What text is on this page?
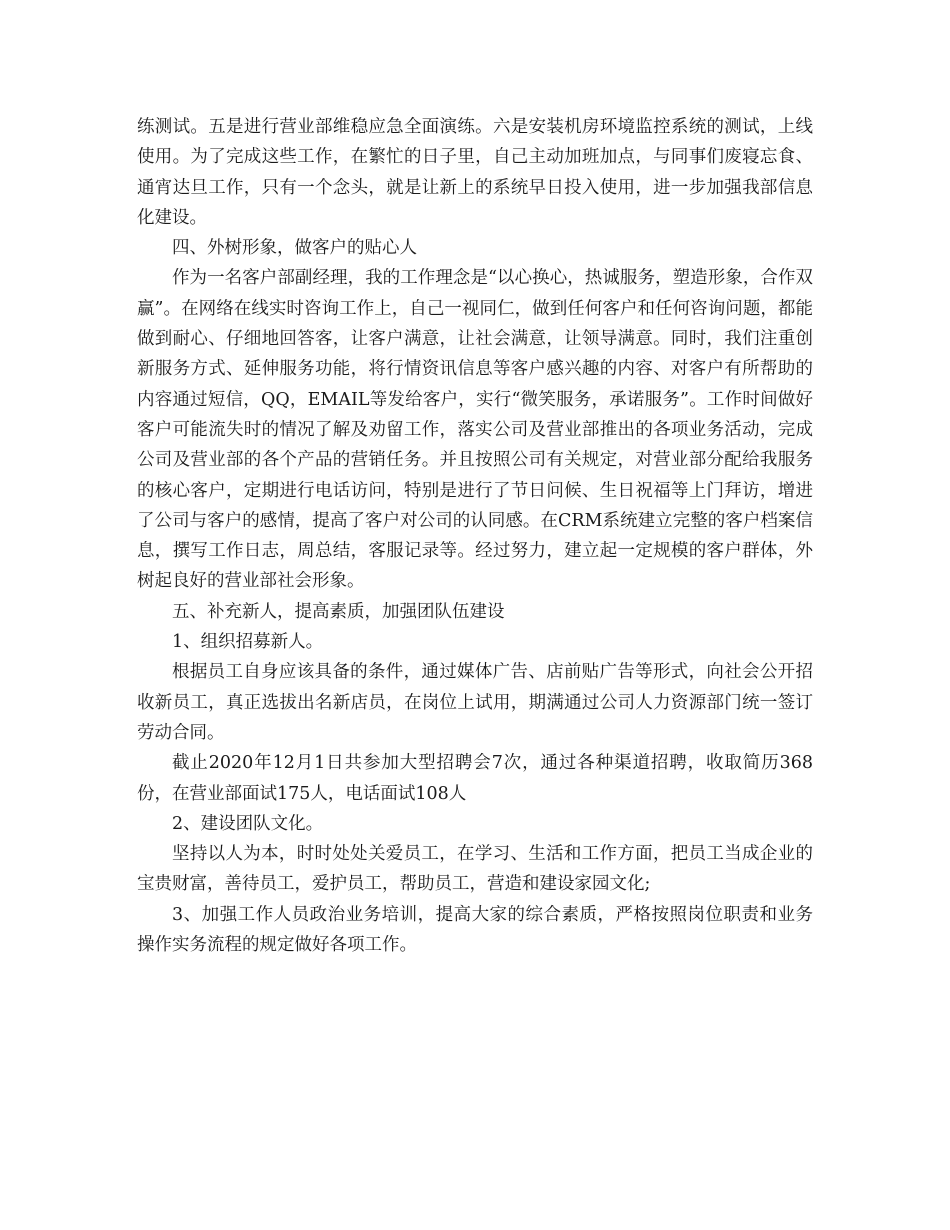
练测试。五是进行营业部维稳应急全面演练。六是安装机房环境监控系统的测试，上线使用。为了完成这些工作，在繁忙的日子里，自己主动加班加点，与同事们废寝忘食、通宵达旦工作，只有一个念头，就是让新上的系统早日投入使用，进一步加强我部信息化建设。

四、外树形象，做客户的贴心人

作为一名客户部副经理，我的工作理念是“以心换心，热诚服务，塑造形象，合作双赢”。在网络在线实时咨询工作上，自己一视同仁，做到任何客户和任何咨询问题，都能做到耐心、仔细地回答客，让客户满意，让社会满意，让领导满意。同时，我们注重创新服务方式、延伸服务功能，将行情资讯信息等客户感兴趣的内容、对客户有所帮助的内容通过短信，QQ，EMAIL等发给客户，实行“微笑服务，承诺服务”。工作时间做好客户可能流失时的情况了解及劝留工作，落实公司及营业部推出的各项业务活动，完成公司及营业部的各个产品的营销任务。并且按照公司有关规定，对营业部分配给我服务的核心客户，定期进行电话访问，特别是进行了节日问候、生日祝福等上门拜访，增进了公司与客户的感情，提高了客户对公司的认同感。在CRM系统建立完整的客户档案信息，撰写工作日志，周总结，客服记录等。经过努力，建立起一定规模的客户群体，外树起良好的营业部社会形象。

五、补充新人，提高素质，加强团队伍建设

1、组织招募新人。

根据员工自身应该具备的条件，通过媒体广告、店前贴广告等形式，向社会公开招收新员工，真正选拔出名新店员，在岗位上试用，期满通过公司人力资源部门统一签订劳动合同。

截止2020年12月1日共参加大型招聘会7次，通过各种渠道招聘，收取简历368份，在营业部面试175人，电话面试108人

2、建设团队文化。

坚持以人为本，时时处处关爱员工，在学习、生活和工作方面，把员工当成企业的宝贵财富，善待员工，爱护员工，帮助员工，营造和建设家园文化;

3、加强工作人员政治业务培训，提高大家的综合素质，严格按照岗位职责和业务操作实务流程的规定做好各项工作。
